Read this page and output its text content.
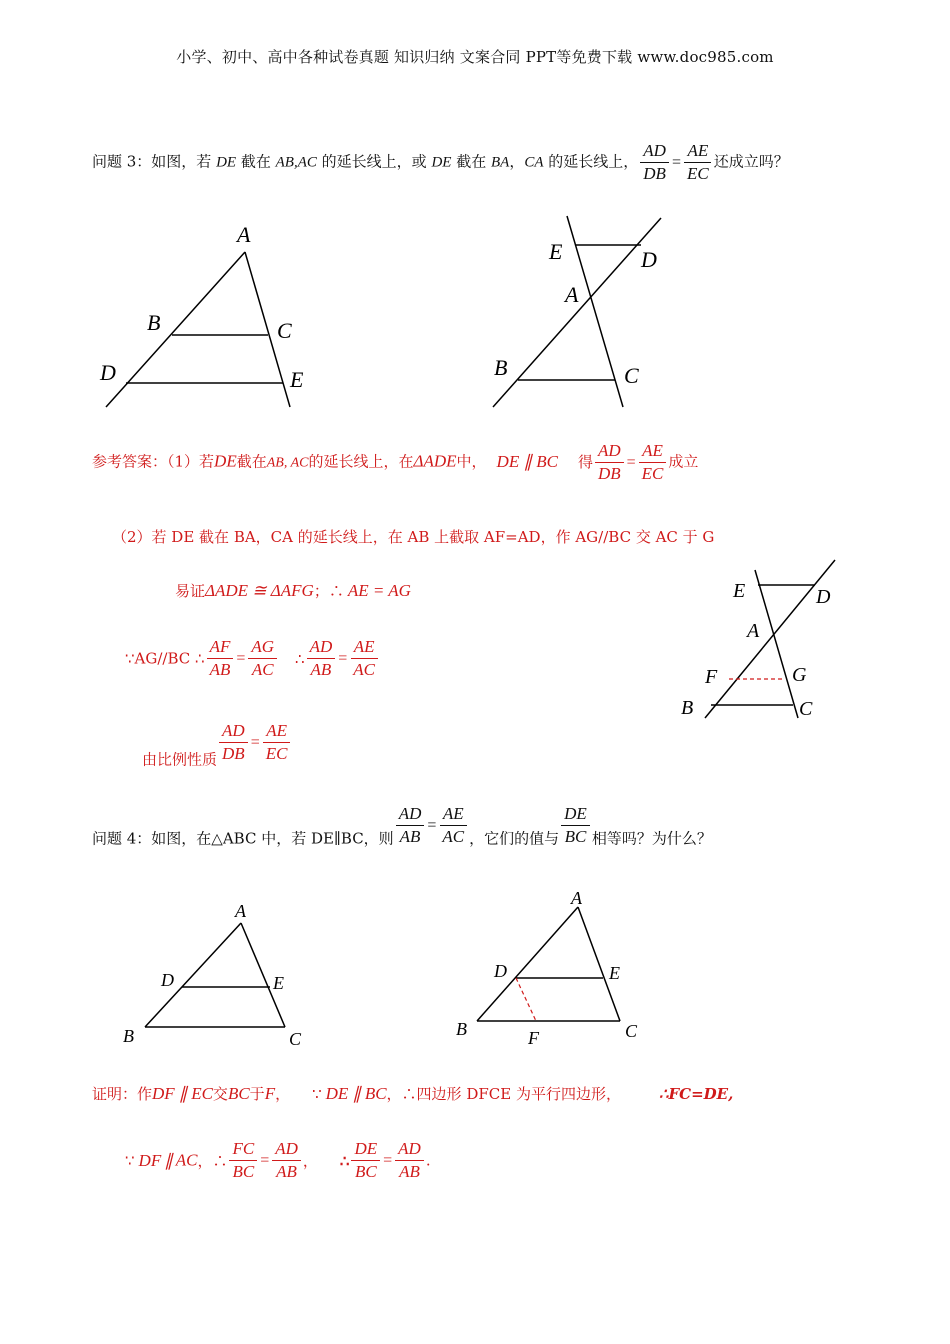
小学、初中、高中各种试卷真题 知识归纳 文案合同 PPT等免费下载 www.doc985.com
问题 3：如图，若 DE 截在 AB,AC 的延长线上，或 DE 截在 BA，CA 的延长线上， $\frac{AD}{DB} = \frac{AE}{EC}$ 还成立吗？
A
B	C
D	E
E	D
A
B	C
参考答案：（1）若DE截在AB, AC的延长线上，在ΔADE中， DE ∥ BC 得 $\frac{AD}{DB} = \frac{AE}{EC}$ 成立
（2）若 DE 截在 BA，CA 的延长线上，在 AB 上截取 AF=AD，作 AG//BC 交 AC 于 G
易证ΔADE ≅ ΔAFG；∴ AE = AG
∵AG//BC ∴ $\frac{AF}{AB} = \frac{AG}{AC}$ ∴ $\frac{AD}{AB} = \frac{AE}{AC}$
由比例性质 $\frac{AD}{DB} = \frac{AE}{EC}$
E	D
A
F	G
B	C
问题 4：如图，在△ABC 中，若 DE∥BC，则 $\frac{AD}{AB} = \frac{AE}{AC}$ ，它们的值与 $\frac{DE}{BC}$ 相等吗？为什么？
A
D	E
B	C
A
D	E
B	F	C
证明：作DF ∥ EC交BC于F， ∵ DE ∥ BC，∴四边形 DFCE 为平行四边形，	∴FC=DE,
∵ DF ∥ AC，∴ $\frac{FC}{BC} = \frac{AD}{AB}$ ， ∴ $\frac{DE}{BC} = \frac{AD}{AB}$ .
